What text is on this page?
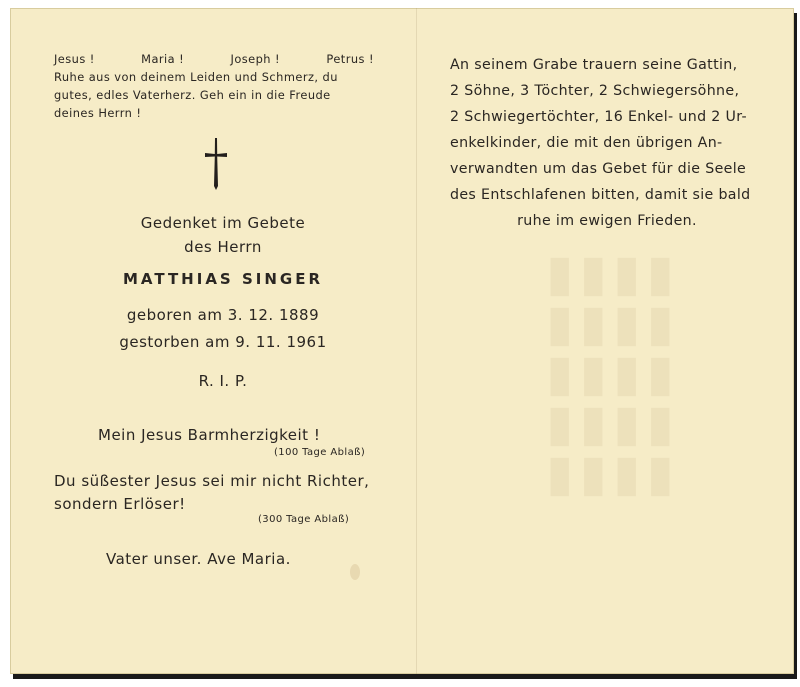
▮▮▮▮
▮▮▮▮
▮▮▮▮
▮▮▮▮
▮▮▮▮
Jesus !	Maria !	Joseph !	Petrus !
Ruhe aus von deinem Leiden und Schmerz, du
gutes, edles Vaterherz. Geh ein in die Freude
deines Herrn !

Gedenket im Gebete

des Herrn

MATTHIAS SINGER

geboren am 3. 12. 1889

gestorben am 9. 11. 1961

R. I. P.

Mein Jesus Barmherzigkeit !

(100 Tage Ablaß)

Du süßester Jesus sei mir nicht Richter,

sondern Erlöser!

(300 Tage Ablaß)

Vater unser. Ave Maria.

An seinem Grabe trauern seine Gattin,
2 Söhne, 3 Töchter, 2 Schwiegersöhne,
2 Schwiegertöchter, 16 Enkel- und 2 Ur-
enkelkinder, die mit den übrigen An-
verwandten um das Gebet für die Seele
des Entschlafenen bitten, damit sie bald
ruhe im ewigen Frieden.
